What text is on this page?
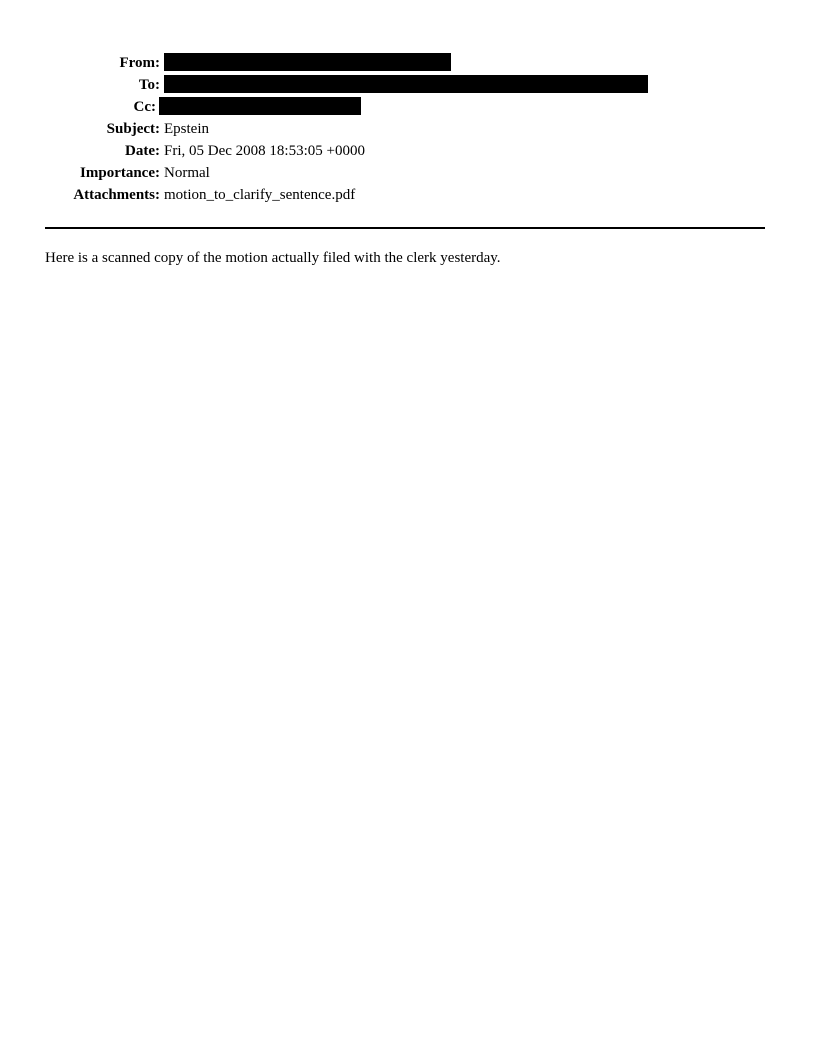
From:
To:
Cc:
Subject: Epstein
Date: Fri, 05 Dec 2008 18:53:05 +0000
Importance: Normal
Attachments: motion_to_clarify_sentence.pdf
Here is a scanned copy of the motion actually filed with the clerk yesterday.
